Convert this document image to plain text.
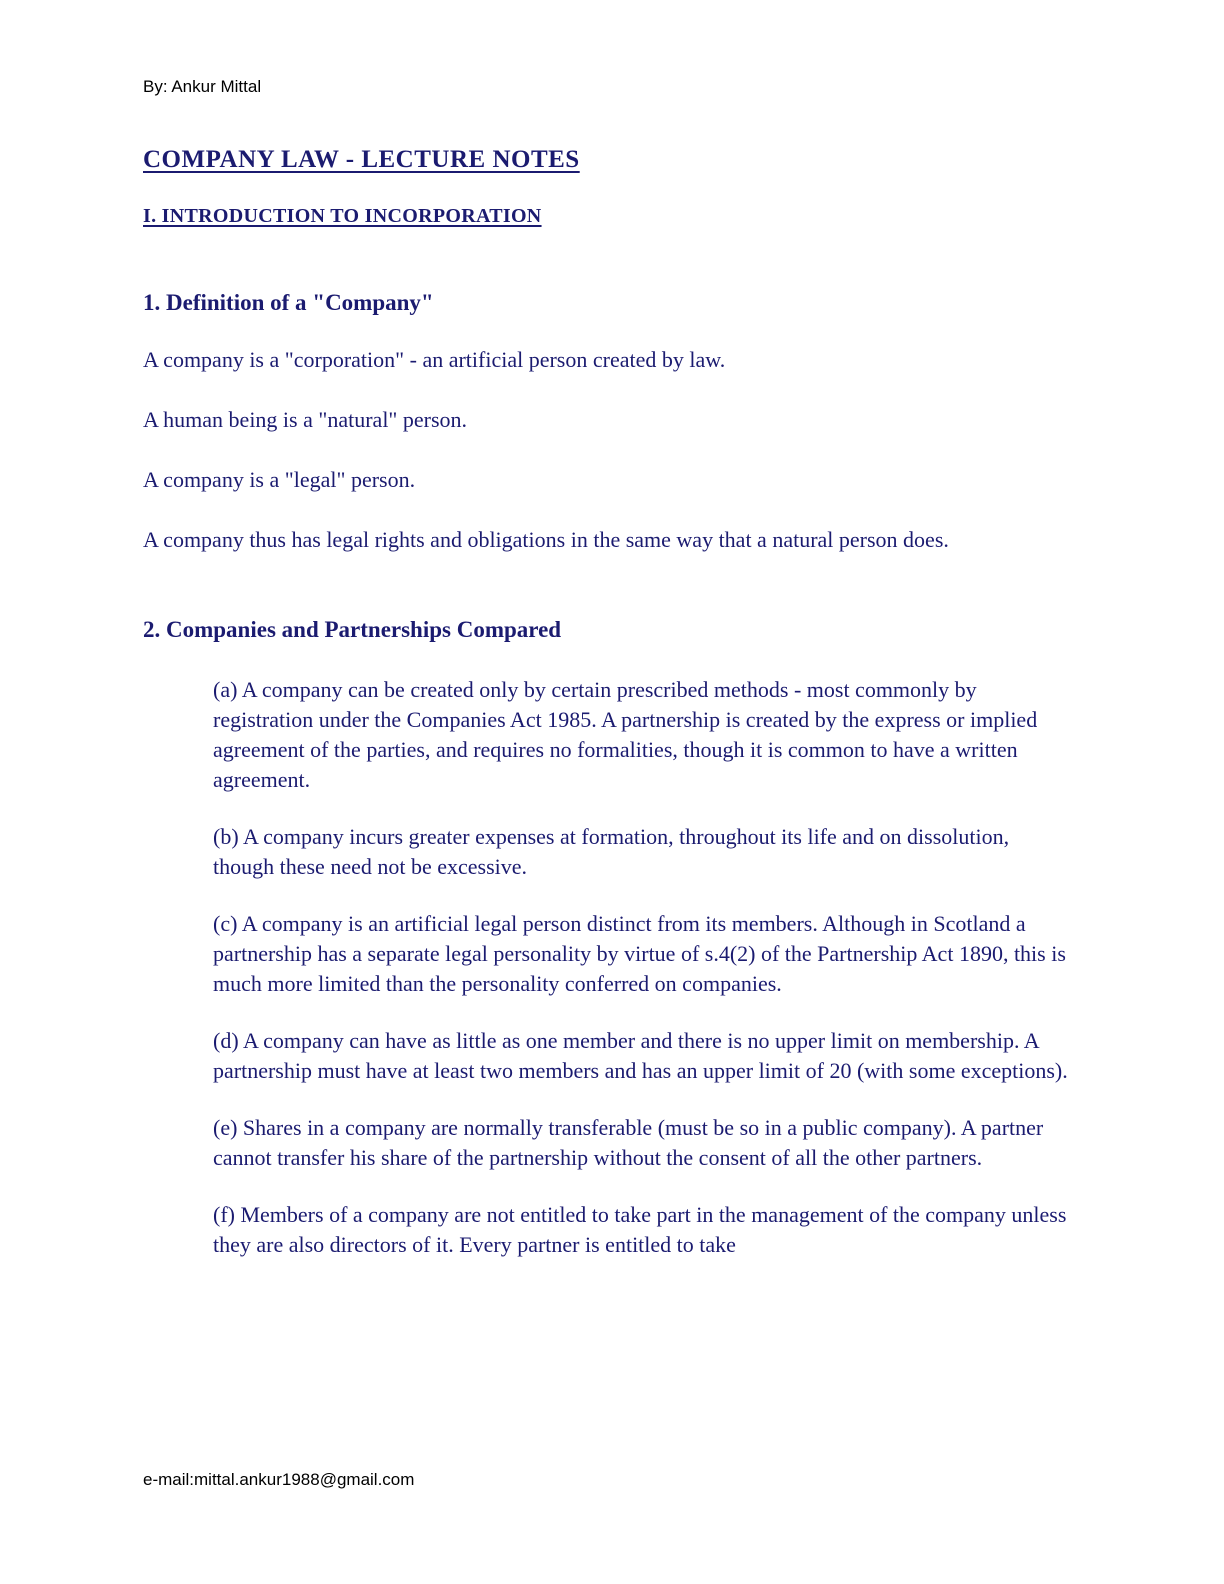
By: Ankur Mittal
COMPANY LAW - LECTURE NOTES
I. INTRODUCTION TO INCORPORATION
1. Definition of a "Company"

A company is a "corporation" - an artificial person created by law.

A human being is a "natural" person.

A company is a "legal" person.

A company thus has legal rights and obligations in the same way that a natural person does.

2. Companies and Partnerships Compared

(a) A company can be created only by certain prescribed methods - most commonly by registration under the Companies Act 1985. A partnership is created by the express or implied agreement of the parties, and requires no formalities, though it is common to have a written agreement.

(b) A company incurs greater expenses at formation, throughout its life and on dissolution, though these need not be excessive.

(c) A company is an artificial legal person distinct from its members. Although in Scotland a partnership has a separate legal personality by virtue of s.4(2) of the Partnership Act 1890, this is much more limited than the personality conferred on companies.

(d) A company can have as little as one member and there is no upper limit on membership. A partnership must have at least two members and has an upper limit of 20 (with some exceptions).

(e) Shares in a company are normally transferable (must be so in a public company). A partner cannot transfer his share of the partnership without the consent of all the other partners.

(f) Members of a company are not entitled to take part in the management of the company unless they are also directors of it. Every partner is entitled to take

e-mail:mittal.ankur1988@gmail.com
